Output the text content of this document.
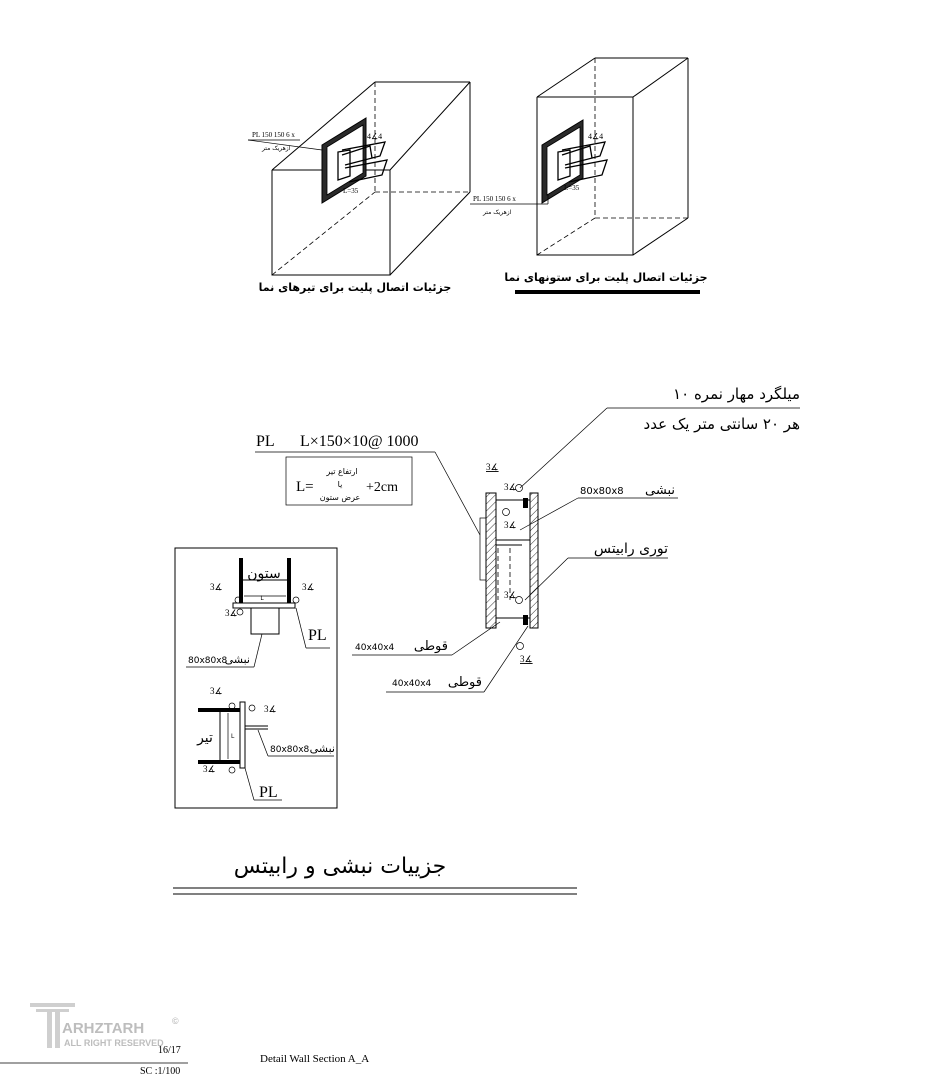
PL 150 150 6 x
ازهریک متر
4∡4
L=35
جزئیات اتصال پلیت برای تیرهای نما
PL 150 150 6 x
ازهریک متر
4∡4
L=35
جزئیات اتصال پلیت برای ستونهای نما
میلگرد مهار نمره ۱۰
هر ۲۰ سانتی متر یک عدد
PL L×150×10@ 1000
L=
ارتفاع تیر
یا
عرض ستون
+2cm
3∡
3∡
3∡
3∡
3∡
80x80x8 نبشی
توری رابیتس
40x40x4 قوطی
40x40x4 قوطی
ستون
L
3∡	3∡
3∡
PL
80x80x8
نبشی
تیر	L
3∡
3∡
3∡
80x80x8 نبشی
PL
جزییات نبشی و رابیتس
ARHZTARH
ALL RIGHT RESERVED
©
16/17
SC :1/100
Detail Wall Section A_A
